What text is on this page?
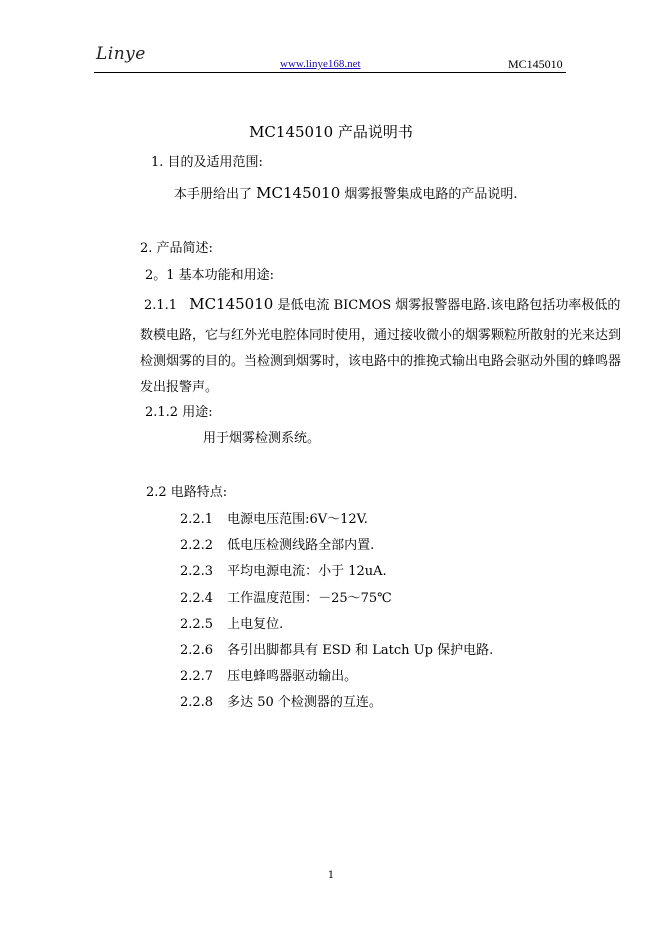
Linye	www.linye168.net	MC145010
MC145010 产品说明书
1. 目的及适用范围:
本手册给出了 MC145010 烟雾报警集成电路的产品说明.
2. 产品简述:
2。1 基本功能和用途:
2.1.1 MC145010 是低电流 BICMOS 烟雾报警器电路.该电路包括功率极低的
数模电路，它与红外光电腔体同时使用，通过接收微小的烟雾颗粒所散射的光来达到
检测烟雾的目的。当检测到烟雾时，该电路中的推挽式输出电路会驱动外围的蜂鸣器
发出报警声。
2.1.2 用途:
用于烟雾检测系统。
2.2 电路特点:
2.2.1 电源电压范围:6V～12V.
2.2.2 低电压检测线路全部内置.
2.2.3 平均电源电流：小于 12uA.
2.2.4 工作温度范围：－25～75℃
2.2.5 上电复位.
2.2.6 各引出脚都具有 ESD 和 Latch Up 保护电路.
2.2.7 压电蜂鸣器驱动输出。
2.2.8 多达 50 个检测器的互连。
1
